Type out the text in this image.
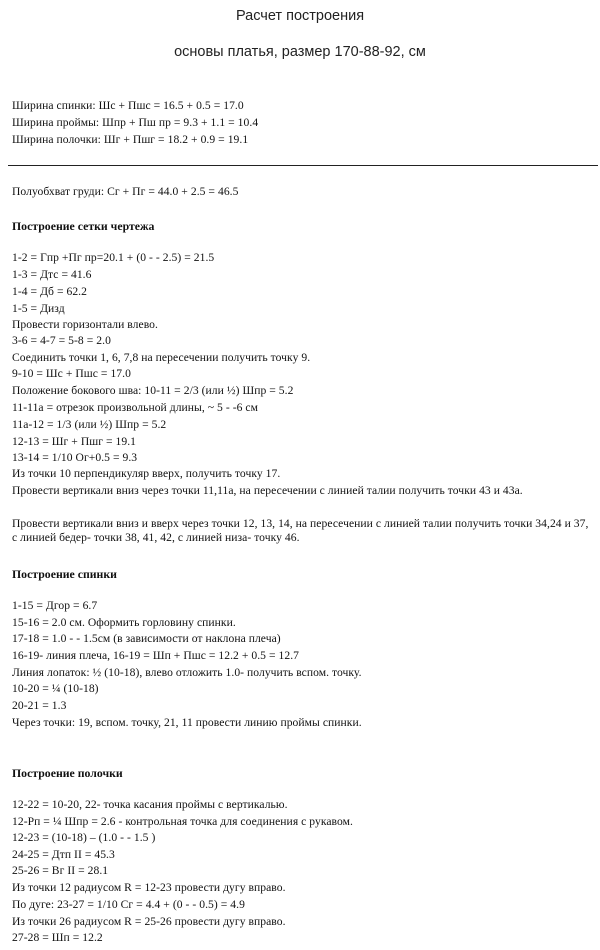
Расчет построения
основы платья, размер 170-88-92, см
Ширина спинки: Шс + Пшс = 16.5 + 0.5 = 17.0
Ширина проймы: Шпр + Пш пр = 9.3 + 1.1 = 10.4
Ширина полочки: Шг + Пшг = 18.2 + 0.9 = 19.1
Полуобхват груди: Сг + Пг = 44.0 + 2.5 = 46.5
Построение сетки чертежа
1-2 = Гпр +Пг пр=20.1 + (0 - - 2.5) = 21.5
1-3 = Дтс = 41.6
1-4 = Дб = 62.2
1-5 = Дизд
Провести горизонтали влево.
3-6 = 4-7 = 5-8 = 2.0
Соединить точки 1, 6, 7,8 на пересечении получить точку 9.
9-10 = Шс + Пшс = 17.0
Положение бокового шва: 10-11 = 2/3 (или ½) Шпр = 5.2
11-11а = отрезок произвольной длины, ~ 5 - -6 см
11а-12 = 1/3 (или ½) Шпр = 5.2
12-13 = Шг + Пшг = 19.1
13-14 = 1/10 Ог+0.5 = 9.3
Из точки 10 перпендикуляр вверх, получить точку 17.
Провести вертикали вниз через точки 11,11а, на пересечении с линией талии получить точки 43 и 43а.
Провести вертикали вниз и вверх через точки 12, 13, 14, на пересечении с линией талии получить точки 34,24 и 37, с линией бедер- точки 38, 41, 42, с линией низа- точку 46.
Построение спинки
1-15 = Дгор = 6.7
15-16 = 2.0 см. Оформить горловину спинки.
17-18 = 1.0 - - 1.5см (в зависимости от наклона плеча)
16-19- линия плеча, 16-19 = Шп + Пшс = 12.2 + 0.5 = 12.7
Линия лопаток: ½ (10-18), влево отложить 1.0- получить вспом. точку.
10-20 = ¼ (10-18)
20-21 = 1.3
Через точки: 19, вспом. точку, 21, 11 провести линию проймы спинки.
Построение полочки
12-22 = 10-20, 22- точка касания проймы с вертикалью.
12-Рп = ¼ Шпр = 2.6 - контрольная точка для соединения с рукавом.
12-23 = (10-18) – (1.0 - - 1.5 )
24-25 = Дтп II = 45.3
25-26 = Вг II = 28.1
Из точки 12 радиусом R = 12-23 провести дугу вправо.
По дуге: 23-27 = 1/10 Сг = 4.4 + (0 - - 0.5) = 4.9
Из точки 26 радиусом R = 25-26 провести дугу вправо.
27-28 = Шп = 12.2
